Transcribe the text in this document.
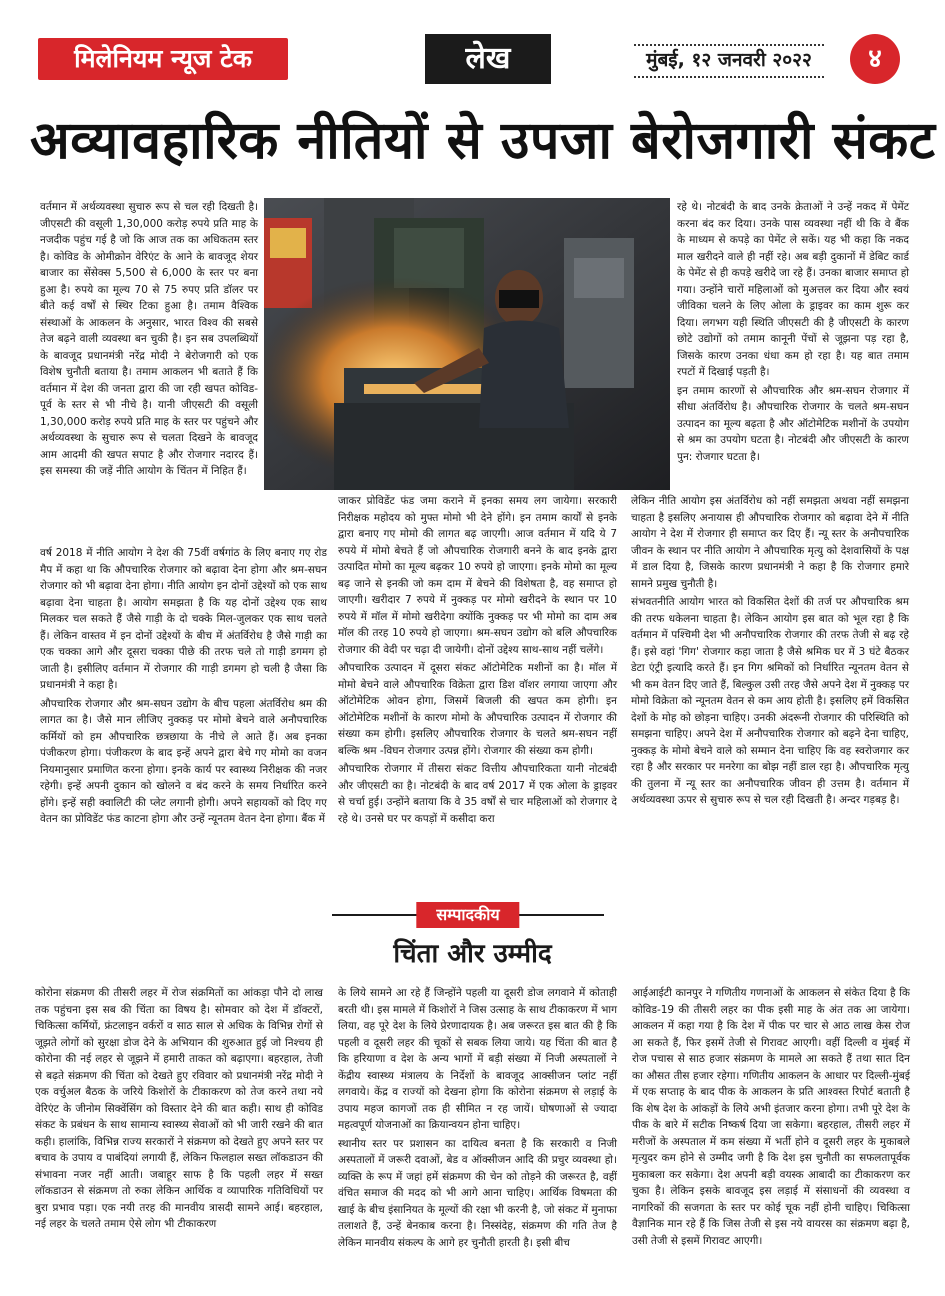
मिलेनियम न्यूज टेक	लेख	मुंबई, १२ जनवरी २०२२	४
अव्यावहारिक नीतियों से उपजा बेरोजगारी संकट

वर्तमान में अर्थव्यवस्था सुचारु रूप से चल रही दिखती है। जीएसटी की वसूली 1,30,000 करोड़ रुपये प्रति माह के नजदीक पहुंच गई है जो कि आज तक का अधिकतम स्तर है। कोविड के ओमीक्रोन वेरिएंट के आने के बावजूद शेयर बाजार का सेंसेक्स 5,500 से 6,000 के स्तर पर बना हुआ है। रुपये का मूल्य 70 से 75 रुपए प्रति डॉलर पर बीते कई वर्षों से स्थिर टिका हुआ है। तमाम वैश्विक संस्थाओं के आकलन के अनुसार, भारत विश्व की सबसे तेज बढ़ने वाली व्यवस्था बन चुकी है। इन सब उपलब्धियों के बावजूद प्रधानमंत्री नरेंद्र मोदी ने बेरोजगारी को एक विशेष चुनौती बताया है। तमाम आकलन भी बताते हैं कि वर्तमान में देश की जनता द्वारा की जा रही खपत कोविड-पूर्व के स्तर से भी नीचे है। यानी जीएसटी की वसूली 1,30,000 करोड़ रुपये प्रति माह के स्तर पर पहुंचने और अर्थव्यवस्था के सुचारु रूप से चलता दिखने के बावजूद आम आदमी की खपत सपाट है और रोजगार नदारद हैं। इस समस्या की जड़ें नीति आयोग के चिंतन में निहित हैं।

वर्ष 2018 में नीति आयोग ने देश की 75वीं वर्षगांठ के लिए बनाए गए रोड मैप में कहा था कि औपचारिक रोजगार को बढ़ावा देना होगा और श्रम-सघन रोजगार को भी बढ़ावा देना होगा। नीति आयोग इन दोनों उद्देश्यों को एक साथ बढ़ावा देना चाहता है। आयोग समझता है कि यह दोनों उद्देश्य एक साथ मिलकर चल सकते हैं जैसे गाड़ी के दो चक्के मिल-जुलकर एक साथ चलते हैं। लेकिन वास्तव में इन दोनों उद्देश्यों के बीच में अंतर्विरोध है जैसे गाड़ी का एक चक्का आगे और दूसरा चक्का पीछे की तरफ चले तो गाड़ी डगमग हो जाती है। इसीलिए वर्तमान में रोजगार की गाड़ी डगमग हो चली है जैसा कि प्रधानमंत्री ने कहा है।

औपचारिक रोजगार और श्रम-सघन उद्योग के बीच पहला अंतर्विरोध श्रम की लागत का है। जैसे मान लीजिए नुक्कड़ पर मोमो बेचने वाले अनौपचारिक कर्मियों को हम औपचारिक छत्रछाया के नीचे ले आते हैं। अब इनका पंजीकरण होगा। पंजीकरण के बाद इन्हें अपने द्वारा बेचे गए मोमो का वजन नियमानुसार प्रमाणित करना होगा। इनके कार्य पर स्वास्थ्य निरीक्षक की नजर रहेगी। इन्हें अपनी दुकान को खोलने व बंद करने के समय निर्धारित करने होंगे। इन्हें सही क्वालिटी की प्लेट लगानी होगी। अपने सहायकों को दिए गए वेतन का प्रोविडेंट फंड काटना होगा और उन्हें न्यूनतम वेतन देना होगा। बैंक में

जाकर प्रोविडेंट फंड जमा कराने में इनका समय लग जायेगा। सरकारी निरीक्षक महोदय को मुफ्त मोमो भी देने होंगे। इन तमाम कार्यों से इनके द्वारा बनाए गए मोमो की लागत बढ़ जाएगी। आज वर्तमान में यदि ये 7 रुपये में मोमो बेचते हैं जो औपचारिक रोजगारी बनने के बाद इनके द्वारा उत्पादित मोमो का मूल्य बढ़कर 10 रुपये हो जाएगा। इनके मोमो का मूल्य बढ़ जाने से इनकी जो कम दाम में बेचने की विशेषता है, वह समाप्त हो जाएगी। खरीदार 7 रुपये में नुक्कड़ पर मोमो खरीदने के स्थान पर 10 रुपये में मॉल में मोमो खरीदेगा क्योंकि नुक्कड़ पर भी मोमो का दाम अब मॉल की तरह 10 रुपये हो जाएगा। श्रम-सघन उद्योग को बलि औपचारिक रोजगार की वेदी पर चढ़ा दी जायेगी। दोनों उद्देश्य साथ-साथ नहीं चलेंगे।

औपचारिक उत्पादन में दूसरा संकट ऑटोमेटिक मशीनों का है। मॉल में मोमो बेचने वाले औपचारिक विक्रेता द्वारा डिश वॉशर लगाया जाएगा और ऑटोमेटिक ओवन होगा, जिसमें बिजली की खपत कम होगी। इन ऑटोमेटिक मशीनों के कारण मोमो के औपचारिक उत्पादन में रोजगार की संख्या कम होगी। इसलिए औपचारिक रोजगार के चलते श्रम-सघन नहीं बल्कि श्रम -विघन रोजगार उत्पन्न होंगे। रोजगार की संख्या कम होगी।

औपचारिक रोजगार में तीसरा संकट वित्तीय औपचारिकता यानी नोटबंदी और जीएसटी का है। नोटबंदी के बाद वर्ष 2017 में एक ओला के ड्राइवर से चर्चा हुई। उन्होंने बताया कि वे 35 वर्षों से चार महिलाओं को रोजगार दे रहे थे। उनसे घर पर कपड़ों में कसीदा करा

रहे थे। नोटबंदी के बाद उनके क्रेताओं ने उन्हें नकद में पेमेंट करना बंद कर दिया। उनके पास व्यवस्था नहीं थी कि वे बैंक के माध्यम से कपड़े का पेमेंट ले सकें। यह भी कहा कि नकद माल खरीदने वाले ही नहीं रहे। अब बड़ी दुकानों में डेबिट कार्ड के पेमेंट से ही कपड़े खरीदे जा रहे हैं। उनका बाजार समाप्त हो गया। उन्होंने चारों महिलाओं को मुअत्तल कर दिया और स्वयं जीविका चलने के लिए ओला के ड्राइवर का काम शुरू कर दिया। लगभग यही स्थिति जीएसटी की है जीएसटी के कारण छोटे उद्योगों को तमाम कानूनी पेंचों से जूझना पड़ रहा है, जिसके कारण उनका धंधा कम हो रहा है। यह बात तमाम रपटों में दिखाई पड़ती है।

इन तमाम कारणों से औपचारिक और श्रम-सघन रोजगार में सीधा अंतर्विरोध है। औपचारिक रोजगार के चलते श्रम-सघन उत्पादन का मूल्य बढ़ता है और ऑटोमेटिक मशीनों के उपयोग से श्रम का उपयोग घटता है। नोटबंदी और जीएसटी के कारण पुन: रोजगार घटता है।

लेकिन नीति आयोग इस अंतर्विरोध को नहीं समझता अथवा नहीं समझना चाहता है इसलिए अनायास ही औपचारिक रोजगार को बढ़ावा देने में नीति आयोग ने देश में रोजगार ही समाप्त कर दिए हैं। न्यू स्तर के अनौपचारिक जीवन के स्थान पर नीति आयोग ने औपचारिक मृत्यु को देशवासियों के पक्ष में डाल दिया है, जिसके कारण प्रधानमंत्री ने कहा है कि रोजगार हमारे सामने प्रमुख चुनौती है।

संभवतनीति आयोग भारत को विकसित देशों की तर्ज पर औपचारिक श्रम की तरफ धकेलना चाहता है। लेकिन आयोग इस बात को भूल रहा है कि वर्तमान में पश्चिमी देश भी अनौपचारिक रोजगार की तरफ तेजी से बढ़ रहे हैं। इसे वहां 'गिग' रोजगार कहा जाता है जैसे श्रमिक घर में 3 घंटे बैठकर डेटा एंट्री इत्यादि करते हैं। इन गिग श्रमिकों को निर्धारित न्यूनतम वेतन से भी कम वेतन दिए जाते हैं, बिल्कुल उसी तरह जैसे अपने देश में नुक्कड़ पर मोमो विक्रेता को न्यूनतम वेतन से कम आय होती है। इसलिए हमें विकसित देशों के मोह को छोड़ना चाहिए। उनकी अंदरूनी रोजगार की परिस्थिति को समझना चाहिए। अपने देश में अनौपचारिक रोजगार को बढ़ने देना चाहिए, नुक्कड़ के मोमो बेचने वाले को सम्मान देना चाहिए कि वह स्वरोजगार कर रहा है और सरकार पर मनरेगा का बोझ नहीं डाल रहा है। औपचारिक मृत्यु की तुलना में न्यू स्तर का अनौपचारिक जीवन ही उत्तम है। वर्तमान में अर्थव्यवस्था ऊपर से सुचारु रूप से चल रही दिखती है। अन्दर गड़बड़ है।

सम्पादकीय
चिंता और उम्मीद

कोरोना संक्रमण की तीसरी लहर में रोज संक्रमितों का आंकड़ा पौने दो लाख तक पहुंचना इस सब की चिंता का विषय है। सोमवार को देश में डॉक्टरों, चिकित्सा कर्मियों, फ्रंटलाइन वर्करों व साठ साल से अधिक के विभिन्न रोगों से जूझते लोगों को सुरक्षा डोज देने के अभियान की शुरुआत हुई जो निश्चय ही कोरोना की नई लहर से जूझने में हमारी ताकत को बढ़ाएगा। बहरहाल, तेजी से बढ़ते संक्रमण की चिंता को देखते हुए रविवार को प्रधानमंत्री नरेंद्र मोदी ने एक वर्चुअल बैठक के जरिये किशोरों के टीकाकरण को तेज करने तथा नये वेरिएंट के जीनोम सिक्वेंसिंग को विस्तार देने की बात कही। साथ ही कोविड संकट के प्रबंधन के साथ सामान्य स्वास्थ्य सेवाओं को भी जारी रखने की बात कही। हालांकि, विभिन्न राज्य सरकारों ने संक्रमण को देखते हुए अपने स्तर पर बचाव के उपाय व पाबंदियां लगायी हैं, लेकिन फिलहाल सख्त लॉकडाउन की संभावना नजर नहीं आती। जबाहूर साफ है कि पहली लहर में सख्त लॉकडाउन से संक्रमण तो रुका लेकिन आर्थिक व व्यापारिक गतिविधियों पर बुरा प्रभाव पड़ा। एक नयी तरह की मानवीय त्रासदी सामने आई। बहरहाल, नई लहर के चलते तमाम ऐसे लोग भी टीकाकरण

के लिये सामने आ रहे हैं जिन्होंने पहली या दूसरी डोज लगवाने में कोताही बरती थी। इस मामले में किशोरों ने जिस उत्साह के साथ टीकाकरण में भाग लिया, वह पूरे देश के लिये प्रेरणादायक है। अब जरूरत इस बात की है कि पहली व दूसरी लहर की चूकों से सबक लिया जाये। यह चिंता की बात है कि हरियाणा व देश के अन्य भागों में बड़ी संख्या में निजी अस्पतालों ने केंद्रीय स्वास्थ्य मंत्रालय के निर्देशों के बावजूद आक्सीजन प्लांट नहीं लगवाये। केंद्र व राज्यों को देखना होगा कि कोरोना संक्रमण से लड़ाई के उपाय महज कागजों तक ही सीमित न रह जायें। घोषणाओं से ज्यादा महत्वपूर्ण योजनाओं का क्रियान्वयन होना चाहिए।

स्थानीय स्तर पर प्रशासन का दायित्व बनता है कि सरकारी व निजी अस्पतालों में जरूरी दवाओं, बेड व ऑक्सीजन आदि की प्रचुर व्यवस्था हो। व्यक्ति के रूप में जहां हमें संक्रमण की चेन को तोड़ने की जरूरत है, वहीं वंचित समाज की मदद को भी आगे आना चाहिए। आर्थिक विषमता की खाई के बीच इंसानियत के मूल्यों की रक्षा भी करनी है, जो संकट में मुनाफा तलाशते हैं, उन्हें बेनकाब करना है। निस्संदेह, संक्रमण की गति तेज है लेकिन मानवीय संकल्प के आगे हर चुनौती हारती है। इसी बीच

आईआईटी कानपुर ने गणितीय गणनाओं के आकलन से संकेत दिया है कि कोविड-19 की तीसरी लहर का पीक इसी माह के अंत तक आ जायेगा। आकलन में कहा गया है कि देश में पीक पर चार से आठ लाख केस रोज आ सकते हैं, फिर इसमें तेजी से गिरावट आएगी। वहीं दिल्ली व मुंबई में रोज पचास से साठ हजार संक्रमण के मामले आ सकते हैं तथा सात दिन का औसत तीस हजार रहेगा। गणितीय आकलन के आधार पर दिल्ली-मुंबई में एक सप्ताह के बाद पीक के आकलन के प्रति आश्वस्त रिपोर्ट बताती है कि शेष देश के आंकड़ों के लिये अभी इंतजार करना होगा। तभी पूरे देश के पीक के बारे में सटीक निष्कर्ष दिया जा सकेगा। बहरहाल, तीसरी लहर में मरीजों के अस्पताल में कम संख्या में भर्ती होने व दूसरी लहर के मुकाबले मृत्युदर कम होने से उम्मीद जगी है कि देश इस चुनौती का सफलतापूर्वक मुकाबला कर सकेगा। देश अपनी बड़ी वयस्क आबादी का टीकाकरण कर चुका है। लेकिन इसके बावजूद इस लड़ाई में संसाधनों की व्यवस्था व नागरिकों की सजगता के स्तर पर कोई चूक नहीं होनी चाहिए। चिकित्सा वैज्ञानिक मान रहे हैं कि जिस तेजी से इस नये वायरस का संक्रमण बढ़ा है, उसी तेजी से इसमें गिरावट आएगी।
